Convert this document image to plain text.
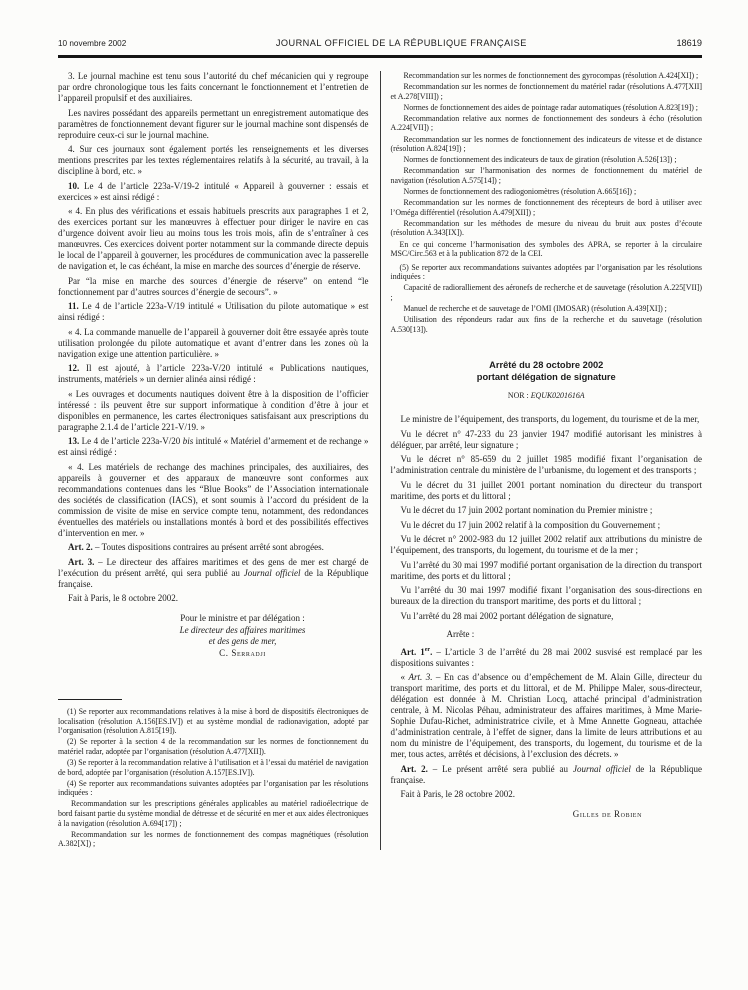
10 novembre 2002	JOURNAL OFFICIEL DE LA RÉPUBLIQUE FRANÇAISE	18619

3. Le journal machine est tenu sous l’autorité du chef mécanicien qui y regroupe par ordre chronologique tous les faits concernant le fonctionnement et l’entretien de l’appareil propulsif et des auxiliaires.

Les navires possédant des appareils permettant un enregistrement automatique des paramètres de fonctionnement devant figurer sur le journal machine sont dispensés de reproduire ceux-ci sur le journal machine.

4. Sur ces journaux sont également portés les renseignements et les diverses mentions prescrites par les textes réglementaires relatifs à la sécurité, au travail, à la discipline à bord, etc. »

10. Le 4 de l’article 223a-V/19-2 intitulé « Appareil à gouverner : essais et exercices » est ainsi rédigé :

« 4. En plus des vérifications et essais habituels prescrits aux paragraphes 1 et 2, des exercices portant sur les manœuvres à effectuer pour diriger le navire en cas d’urgence doivent avoir lieu au moins tous les trois mois, afin de s’entraîner à ces manœuvres. Ces exercices doivent porter notamment sur la commande directe depuis le local de l’appareil à gouverner, les procédures de communication avec la passerelle de navigation et, le cas échéant, la mise en marche des sources d’énergie de réserve.

Par “la mise en marche des sources d’énergie de réserve” on entend “le fonctionnement par d’autres sources d’énergie de secours”. »

11. Le 4 de l’article 223a-V/19 intitulé « Utilisation du pilote automatique » est ainsi rédigé :

« 4. La commande manuelle de l’appareil à gouverner doit être essayée après toute utilisation prolongée du pilote automatique et avant d’entrer dans les zones où la navigation exige une attention particulière. »

12. Il est ajouté, à l’article 223a-V/20 intitulé « Publications nautiques, instruments, matériels » un dernier alinéa ainsi rédigé :

« Les ouvrages et documents nautiques doivent être à la disposition de l’officier intéressé : ils peuvent être sur support informatique à condition d’être à jour et disponibles en permanence, les cartes électroniques satisfaisant aux prescriptions du paragraphe 2.1.4 de l’article 221-V/19. »

13. Le 4 de l’article 223a-V/20 bis intitulé « Matériel d’armement et de rechange » est ainsi rédigé :

« 4. Les matériels de rechange des machines principales, des auxiliaires, des appareils à gouverner et des apparaux de manœuvre sont conformes aux recommandations contenues dans les “Blue Books” de l’Association internationale des sociétés de classification (IACS), et sont soumis à l’accord du président de la commission de visite de mise en service compte tenu, notamment, des redondances éventuelles des matériels ou installations montés à bord et des possibilités effectives d’intervention en mer. »

Art. 2. – Toutes dispositions contraires au présent arrêté sont abrogées.

Art. 3. – Le directeur des affaires maritimes et des gens de mer est chargé de l’exécution du présent arrêté, qui sera publié au Journal officiel de la République française.

Fait à Paris, le 8 octobre 2002.

Pour le ministre et par délégation :
Le directeur des affaires maritimes
et des gens de mer,
C. Serradji

(1) Se reporter aux recommandations relatives à la mise à bord de dispositifs électroniques de localisation (résolution A.156[ES.IV]) et au système mondial de radionavigation, adopté par l’organisation (résolution A.815[19]).

(2) Se reporter à la section 4 de la recommandation sur les normes de fonctionnement du matériel radar, adoptée par l’organisation (résolution A.477[XII]).

(3) Se reporter à la recommandation relative à l’utilisation et à l’essai du matériel de navigation de bord, adoptée par l’organisation (résolution A.157[ES.IV]).

(4) Se reporter aux recommandations suivantes adoptées par l’organisation par les résolutions indiquées :

Recommandation sur les prescriptions générales applicables au matériel radioélectrique de bord faisant partie du système mondial de détresse et de sécurité en mer et aux aides électroniques à la navigation (résolution A.694[17]) ;

Recommandation sur les normes de fonctionnement des compas magnétiques (résolution A.382[X]) ;

Recommandation sur les normes de fonctionnement des gyrocompas (résolution A.424[XI]) ;

Recommandation sur les normes de fonctionnement du matériel radar (résolutions A.477[XII] et A.278[VIII]) ;

Normes de fonctionnement des aides de pointage radar automatiques (résolution A.823[19]) ;

Recommandation relative aux normes de fonctionnement des sondeurs à écho (résolution A.224[VII]) ;

Recommandation sur les normes de fonctionnement des indicateurs de vitesse et de distance (résolution A.824[19]) ;

Normes de fonctionnement des indicateurs de taux de giration (résolution A.526[13]) ;

Recommandation sur l’harmonisation des normes de fonctionnement du matériel de navigation (résolution A.575[14]) ;

Normes de fonctionnement des radiogoniomètres (résolution A.665[16]) ;

Recommandation sur les normes de fonctionnement des récepteurs de bord à utiliser avec l’Oméga différentiel (résolution A.479[XII]) ;

Recommandation sur les méthodes de mesure du niveau du bruit aux postes d’écoute (résolution A.343[IX]).

En ce qui concerne l’harmonisation des symboles des APRA, se reporter à la circulaire MSC/Circ.563 et à la publication 872 de la CEI.

(5) Se reporter aux recommandations suivantes adoptées par l’organisation par les résolutions indiquées :

Capacité de radioralliement des aéronefs de recherche et de sauvetage (résolution A.225[VII]) ;

Manuel de recherche et de sauvetage de l’OMI (IMOSAR) (résolution A.439[XI]) ;

Utilisation des répondeurs radar aux fins de la recherche et du sauvetage (résolution A.530[13]).

Arrêté du 28 octobre 2002
portant délégation de signature
NOR : EQUK0201616A

Le ministre de l’équipement, des transports, du logement, du tourisme et de la mer,

Vu le décret n° 47-233 du 23 janvier 1947 modifié autorisant les ministres à déléguer, par arrêté, leur signature ;

Vu le décret n° 85-659 du 2 juillet 1985 modifié fixant l’organisation de l’administration centrale du ministère de l’urbanisme, du logement et des transports ;

Vu le décret du 31 juillet 2001 portant nomination du directeur du transport maritime, des ports et du littoral ;

Vu le décret du 17 juin 2002 portant nomination du Premier ministre ;

Vu le décret du 17 juin 2002 relatif à la composition du Gouvernement ;

Vu le décret n° 2002-983 du 12 juillet 2002 relatif aux attributions du ministre de l’équipement, des transports, du logement, du tourisme et de la mer ;

Vu l’arrêté du 30 mai 1997 modifié portant organisation de la direction du transport maritime, des ports et du littoral ;

Vu l’arrêté du 30 mai 1997 modifié fixant l’organisation des sous-directions en bureaux de la direction du transport maritime, des ports et du littoral ;

Vu l’arrêté du 28 mai 2002 portant délégation de signature,

Arrête :

Art. 1er. – L’article 3 de l’arrêté du 28 mai 2002 susvisé est remplacé par les dispositions suivantes :

« Art. 3. – En cas d’absence ou d’empêchement de M. Alain Gille, directeur du transport maritime, des ports et du littoral, et de M. Philippe Maler, sous-directeur, délégation est donnée à M. Christian Locq, attaché principal d’administration centrale, à M. Nicolas Péhau, administrateur des affaires maritimes, à Mme Marie-Sophie Dufau-Richet, administratrice civile, et à Mme Annette Gogneau, attachée d’administration centrale, à l’effet de signer, dans la limite de leurs attributions et au nom du ministre de l’équipement, des transports, du logement, du tourisme et de la mer, tous actes, arrêtés et décisions, à l’exclusion des décrets. »

Art. 2. – Le présent arrêté sera publié au Journal officiel de la République française.

Fait à Paris, le 28 octobre 2002.

Gilles de Robien
